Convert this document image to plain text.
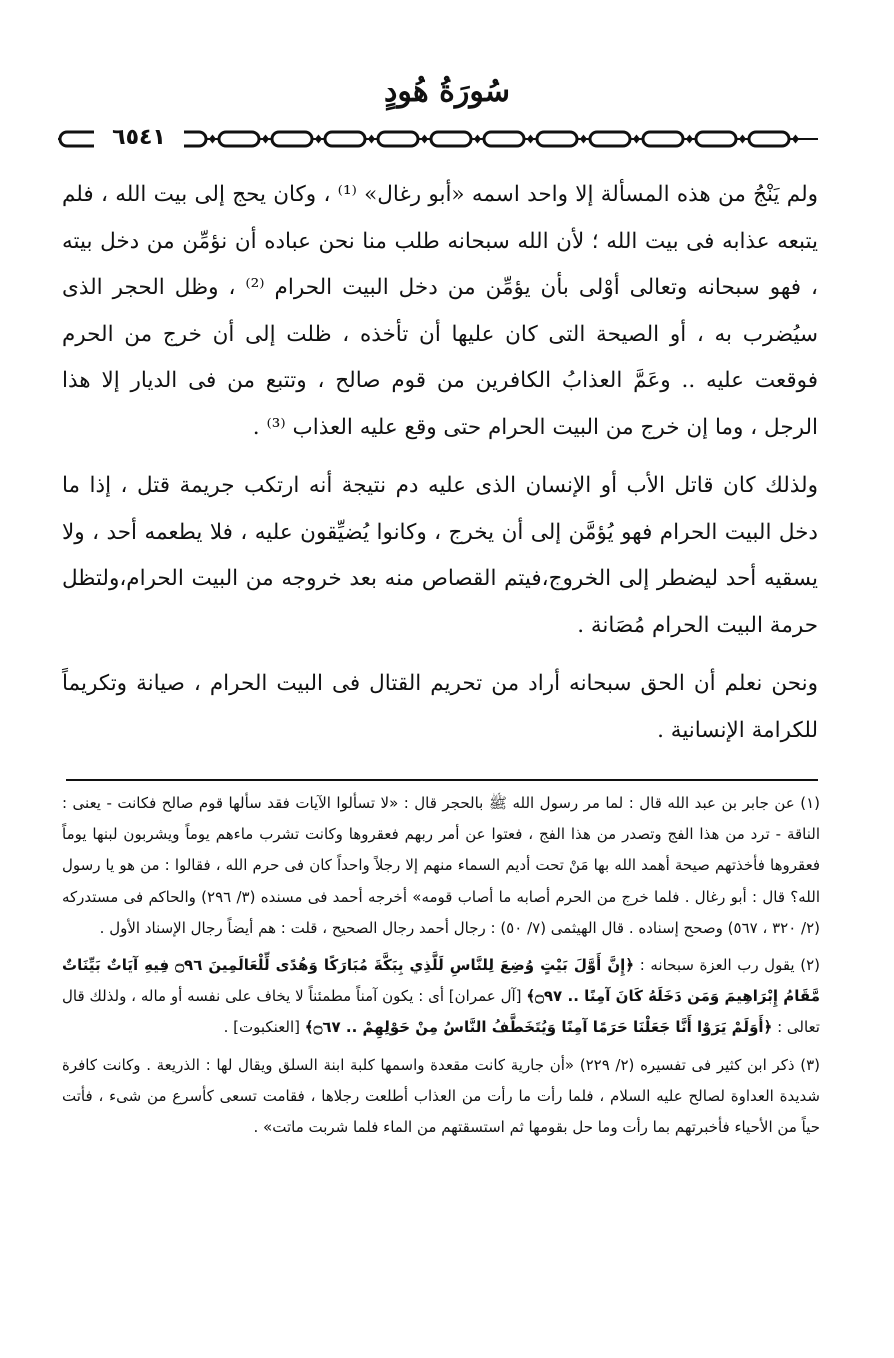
سُورَةُ هُودٍ
٦٥٤١

ولم يَنْجُ من هذه المسألة إلا واحد اسمه «أبو رغال» ⁽¹⁾ ، وكان يحج إلى بيت الله ، فلم يتبعه عذابه فى بيت الله ؛ لأن الله سبحانه طلب منا نحن عباده أن نؤمِّن من دخل بيته ، فهو سبحانه وتعالى أوْلى بأن يؤمِّن من دخل البيت الحرام ⁽²⁾ ، وظل الحجر الذى سيُضرب به ، أو الصيحة التى كان عليها أن تأخذه ، ظلت إلى أن خرج من الحرم فوقعت عليه .. وعَمَّ العذابُ الكافرين من قوم صالح ، وتتبع من فى الديار إلا هذا الرجل ، وما إن خرج من البيت الحرام حتى وقع عليه العذاب ⁽³⁾ .

ولذلك كان قاتل الأب أو الإنسان الذى عليه دم نتيجة أنه ارتكب جريمة قتل ، إذا ما دخل البيت الحرام فهو يُؤمَّن إلى أن يخرج ، وكانوا يُضيِّقون عليه ، فلا يطعمه أحد ، ولا يسقيه أحد ليضطر إلى الخروج،فيتم القصاص منه بعد خروجه من البيت الحرام،ولتظل حرمة البيت الحرام مُصَانة .

ونحن نعلم أن الحق سبحانه أراد من تحريم القتال فى البيت الحرام ، صيانة وتكريماً للكرامة الإنسانية .

(١) عن جابر بن عبد الله قال : لما مر رسول الله ﷺ بالحجر قال : «لا تسألوا الآيات فقد سألها قوم صالح فكانت - يعنى : الناقة - ترد من هذا الفج وتصدر من هذا الفج ، فعتوا عن أمر ربهم فعقروها وكانت تشرب ماءهم يوماً ويشربون لبنها يوماً فعقروها فأخذتهم صيحة أهمد الله بها مَنْ تحت أديم السماء منهم إلا رجلاً واحداً كان فى حرم الله ، فقالوا : من هو يا رسول الله؟ قال : أبو رغال . فلما خرج من الحرم أصابه ما أصاب قومه» أخرجه أحمد فى مسنده (٣/ ٢٩٦) والحاكم فى مستدركه (٢/ ٣٢٠ ، ٥٦٧) وصحح إسناده . قال الهيثمى (٧/ ٥٠) : رجال أحمد رجال الصحيح ، قلت : هم أيضاً رجال الإسناد الأول .

(٢) يقول رب العزة سبحانه : ﴿إِنَّ أَوَّلَ بَيْتٍ وُضِعَ لِلنَّاسِ لَلَّذِي بِبَكَّةَ مُبَارَكًا وَهُدًى لِّلْعَالَمِينَ ۝٩٦ فِيهِ آيَاتٌ بَيِّنَاتٌ مَّقَامُ إِبْرَاهِيمَ وَمَن دَخَلَهُ كَانَ آمِنًا .. ۝٩٧﴾ [آل عمران] أى : يكون آمناً مطمئناً لا يخاف على نفسه أو ماله ، ولذلك قال تعالى : ﴿أَوَلَمْ يَرَوْا أَنَّا جَعَلْنَا حَرَمًا آمِنًا وَيُتَخَطَّفُ النَّاسُ مِنْ حَوْلِهِمْ .. ۝٦٧﴾ [العنكبوت] .

(٣) ذكر ابن كثير فى تفسيره (٢/ ٢٢٩) «أن جارية كانت مقعدة واسمها كلبة ابنة السلق ويقال لها : الذريعة . وكانت كافرة شديدة العداوة لصالح عليه السلام ، فلما رأت ما رأت من العذاب أطلعت رجلاها ، فقامت تسعى كأسرع من شىء ، فأتت حياً من الأحياء فأخبرتهم بما رأت وما حل بقومها ثم استسقتهم من الماء فلما شربت ماتت» .
